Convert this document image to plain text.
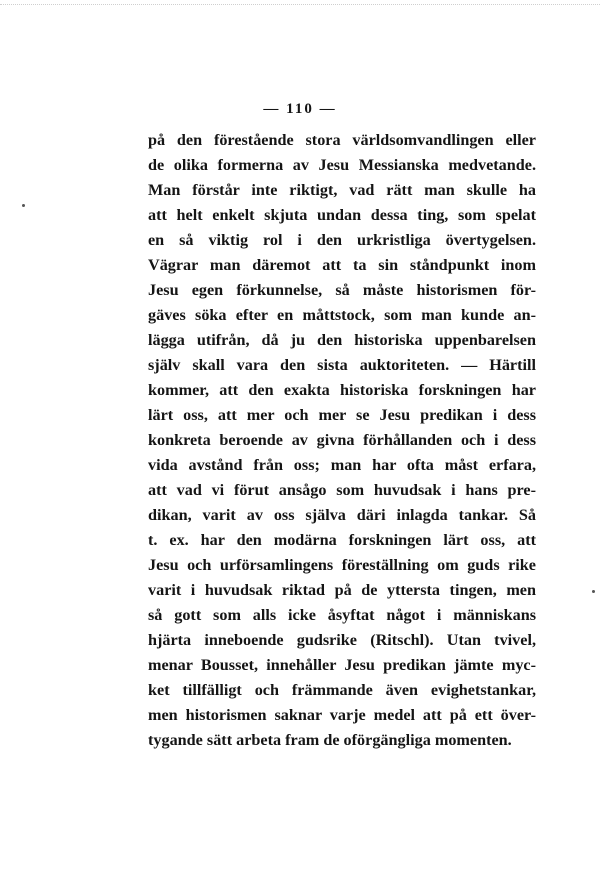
— 110 —
på den förestående stora världsomvandlingen eller
de olika formerna av Jesu Messianska medvetande.
Man förstår inte riktigt, vad rätt man skulle ha
att helt enkelt skjuta undan dessa ting, som spelat
en så viktig rol i den urkristliga övertygelsen.
Vägrar man däremot att ta sin ståndpunkt inom
Jesu egen förkunnelse, så måste historismen för-
gäves söka efter en måttstock, som man kunde an-
lägga utifrån, då ju den historiska uppenbarelsen
själv skall vara den sista auktoriteten. — Härtill
kommer, att den exakta historiska forskningen har
lärt oss, att mer och mer se Jesu predikan i dess
konkreta beroende av givna förhållanden och i dess
vida avstånd från oss; man har ofta måst erfara,
att vad vi förut ansågo som huvudsak i hans pre-
dikan, varit av oss själva däri inlagda tankar. Så
t. ex. har den modärna forskningen lärt oss, att
Jesu och urförsamlingens föreställning om guds rike
varit i huvudsak riktad på de yttersta tingen, men
så gott som alls icke åsyftat något i människans
hjärta inneboende gudsrike (Ritschl). Utan tvivel,
menar Bousset, innehåller Jesu predikan jämte myc-
ket tillfälligt och främmande även evighetstankar,
men historismen saknar varje medel att på ett över-
tygande sätt arbeta fram de oförgängliga momenten.
